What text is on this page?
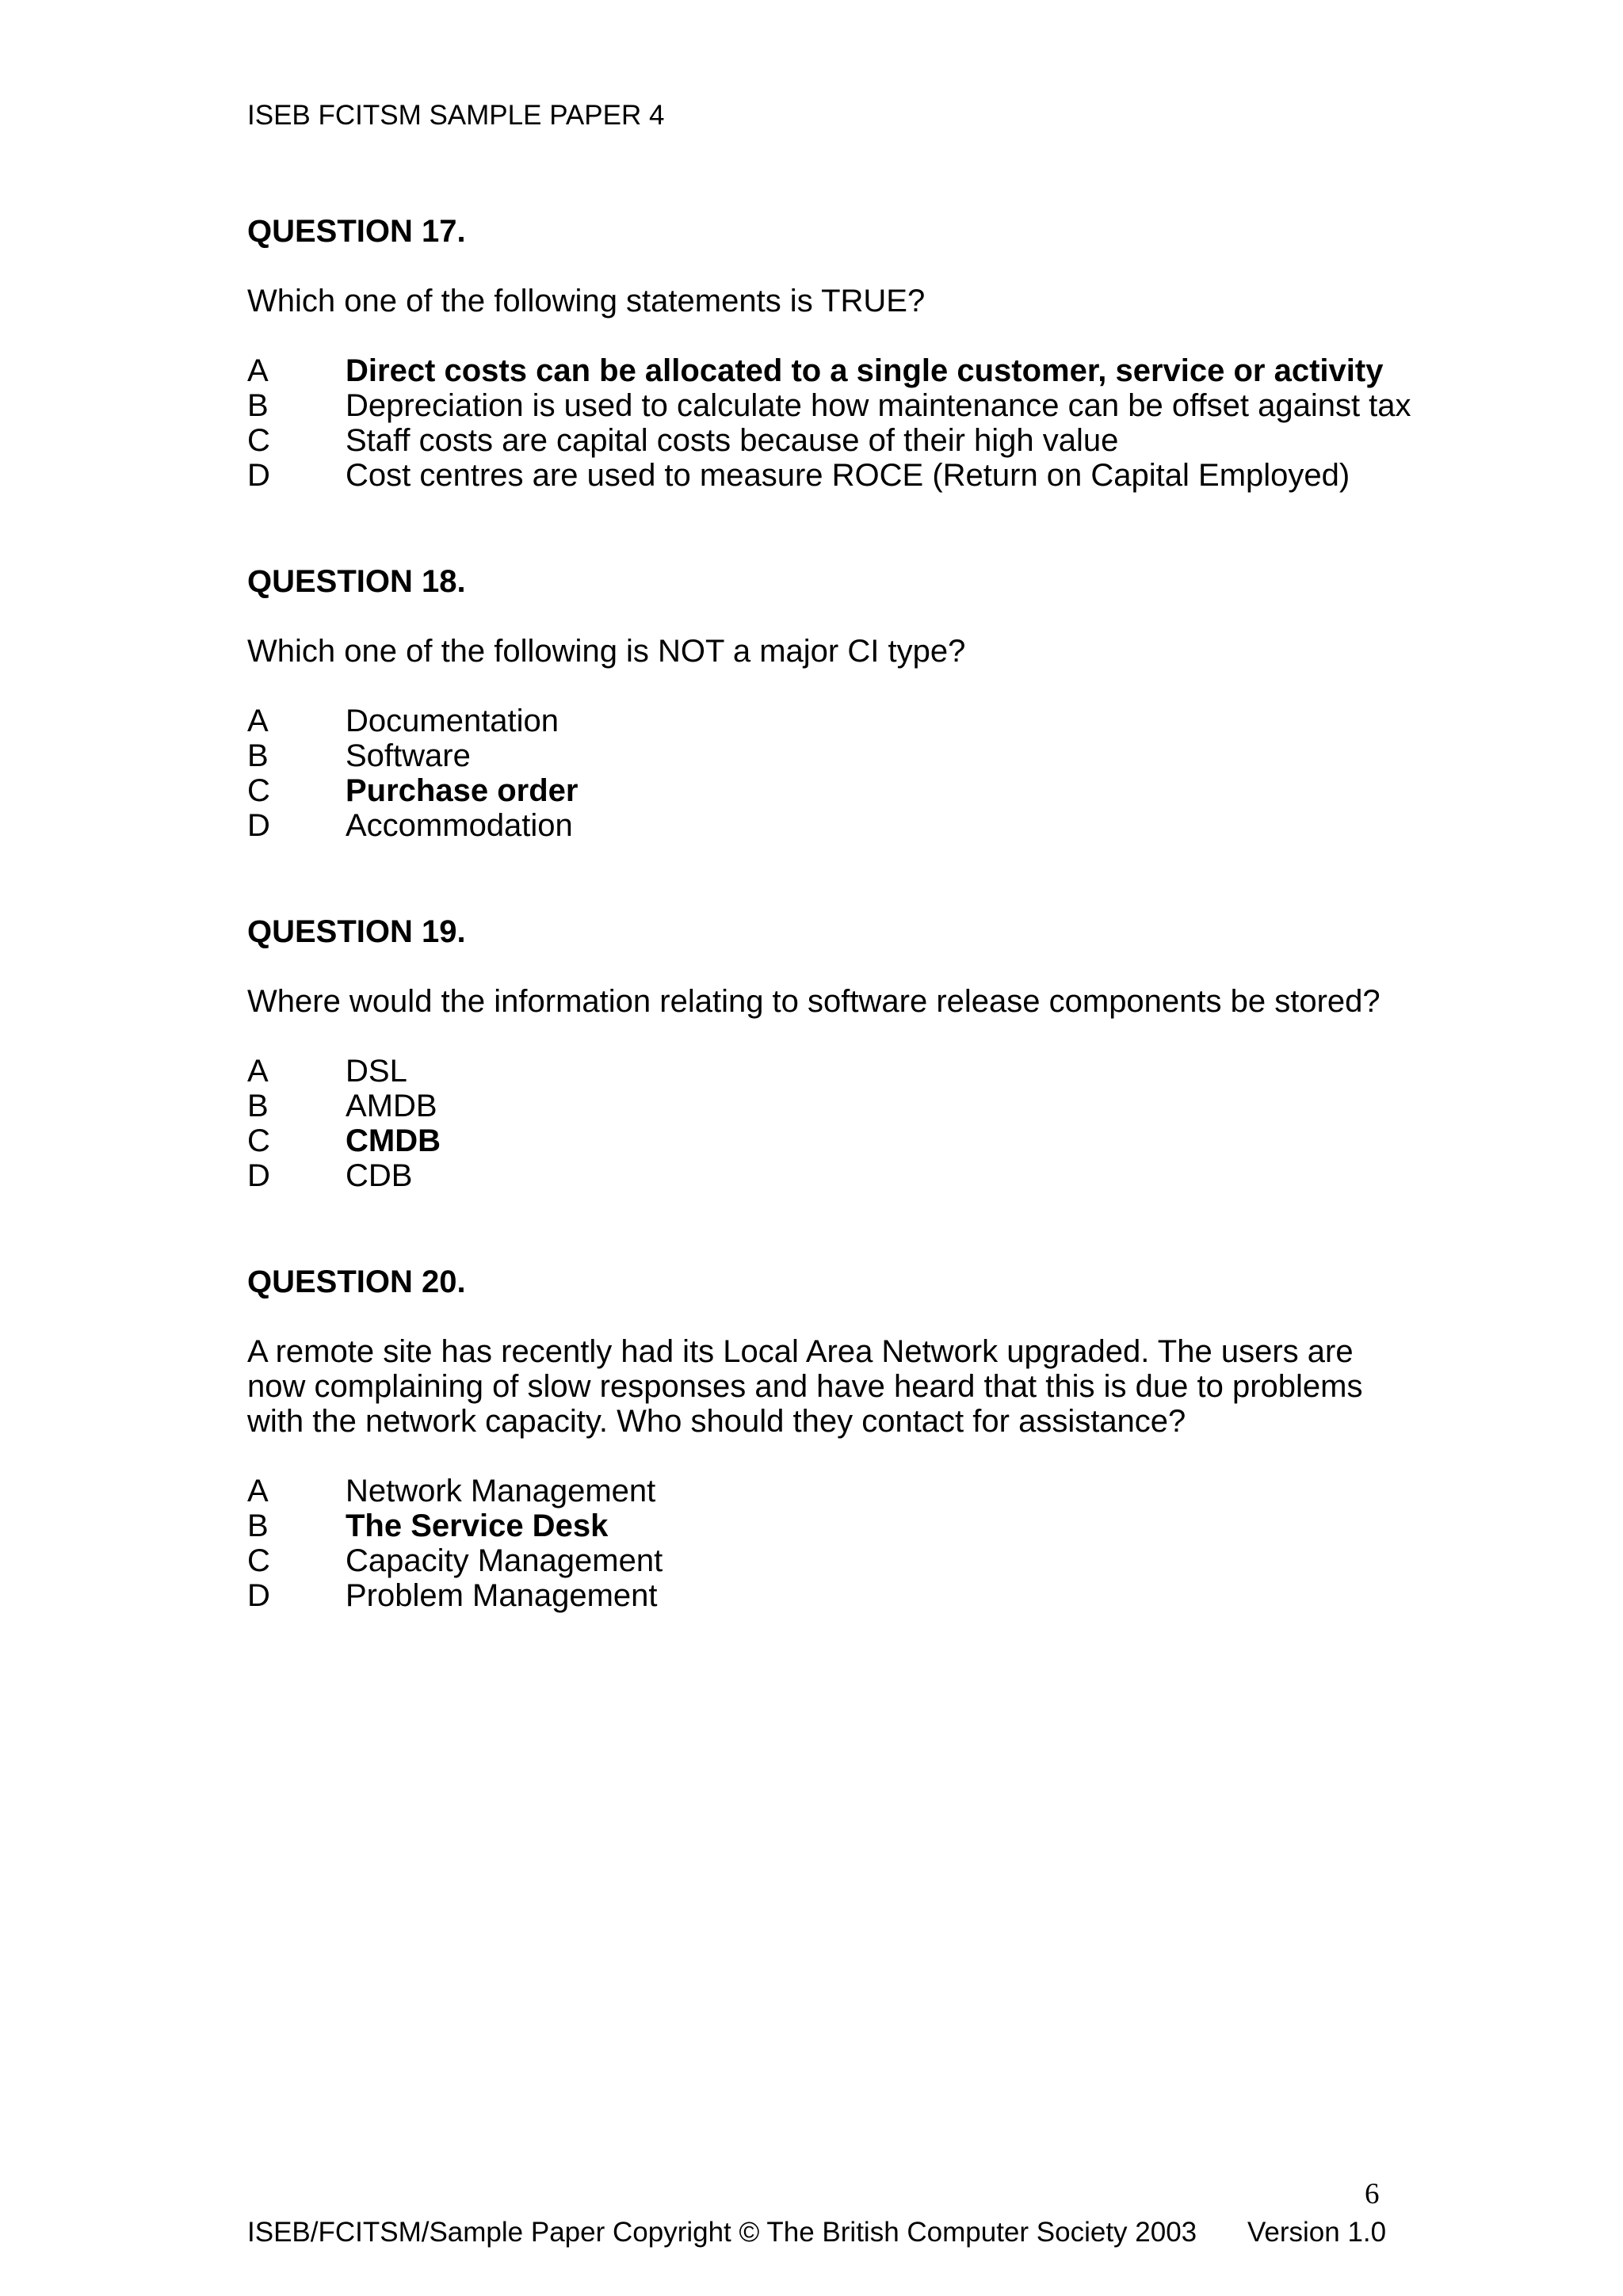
ISEB FCITSM SAMPLE PAPER 4
QUESTION 17.

Which one of the following statements is TRUE?

A	Direct costs can be allocated to a single customer, service or activity
B	Depreciation is used to calculate how maintenance can be offset against tax
C	Staff costs are capital costs because of their high value
D	Cost centres are used to measure ROCE (Return on Capital Employed)
QUESTION 18.

Which one of the following is NOT a major CI type?

A	Documentation
B	Software
C	Purchase order
D	Accommodation
QUESTION 19.

Where would the information relating to software release components be stored?

A	DSL
B	AMDB
C	CMDB
D	CDB
QUESTION 20.

A remote site has recently had its Local Area Network upgraded. The users are now complaining of slow responses and have heard that this is due to problems with the network capacity. Who should they contact for assistance?

A	Network Management
B	The Service Desk
C	Capacity Management
D	Problem Management
6
ISEB/FCITSM/Sample Paper Copyright © The British Computer Society 2003 Version 1.0
